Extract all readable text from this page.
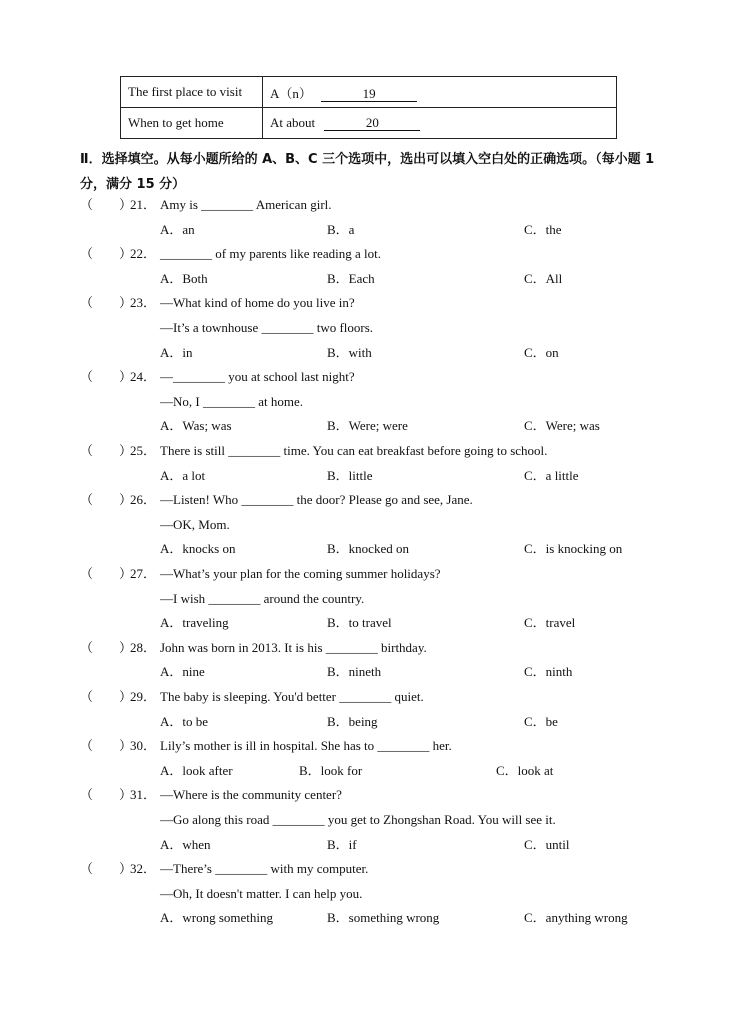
The first place to visit	A（n） 19
When to get home	At about 20
Ⅱ．选择填空。从每小题所给的 A、B、C 三个选项中，选出可以填入空白处的正确选项。（每小题 1 分，满分 15 分）
（　　）
21． Amy is ________ American girl.
A．an	B．a	C．the
（　　）
22． ________ of my parents like reading a lot.
A．Both	B．Each	C．All
（　　）
23． —What kind of home do you live in?
—It’s a townhouse ________ two floors.
A．in	B．with	C．on
（　　）
24． —________ you at school last night?
—No, I ________ at home.
A．Was; was	B．Were; were	C．Were; was
（　　）
25． There is still ________ time. You can eat breakfast before going to school.
A．a lot	B．little	C．a little
（　　）
26． —Listen! Who ________ the door? Please go and see, Jane.
—OK, Mom.
A．knocks on	B．knocked on	C．is knocking on
（　　）
27． —What’s your plan for the coming summer holidays?
—I wish ________ around the country.
A．traveling	B．to travel	C．travel
（　　）
28． John was born in 2013. It is his ________ birthday.
A．nine	B．nineth	C．ninth
（　　）
29． The baby is sleeping. You'd better ________ quiet.
A．to be	B．being	C．be
（　　）
30． Lily’s mother is ill in hospital. She has to ________ her.
A．look after	B．look for	C．look at
（　　）
31． —Where is the community center?
—Go along this road ________ you get to Zhongshan Road. You will see it.
A．when	B．if	C．until
（　　）
32． —There’s ________ with my computer.
—Oh, It doesn't matter. I can help you.
A．wrong something	B．something wrong	C．anything wrong
